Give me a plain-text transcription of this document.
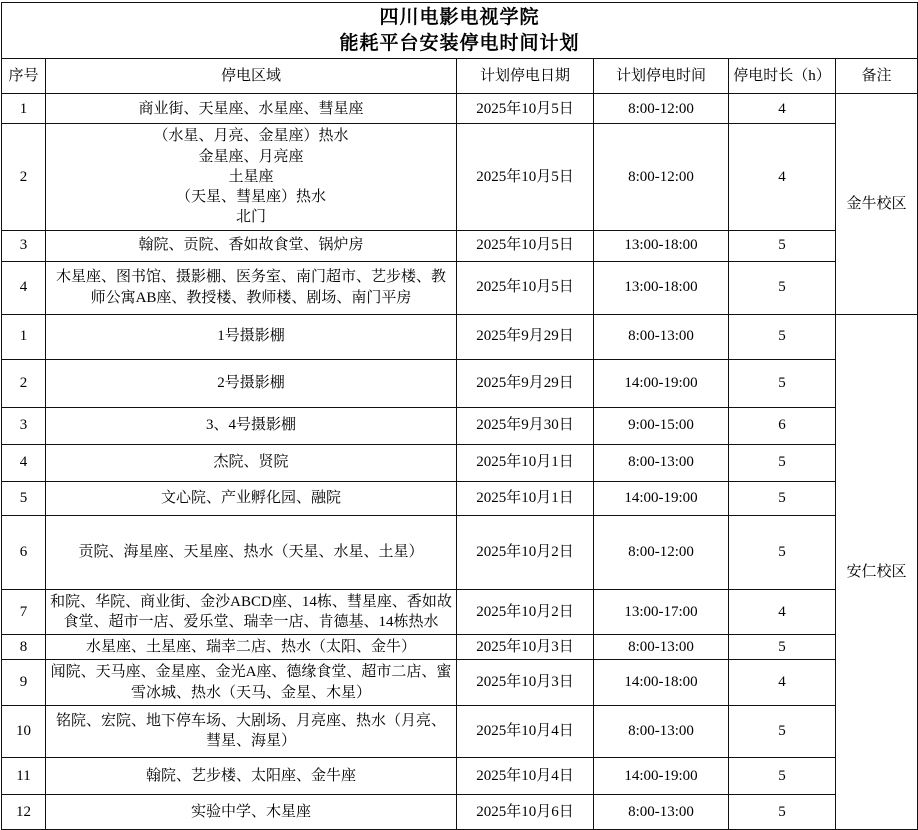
四川电影电视学院
能耗平台安装停电时间计划					

序号	停电区域	计划停电日期	计划停电时间	停电时长（h）	备注
1	商业街、天星座、水星座、彗星座	2025年10月5日	8:00-12:00	4	金牛校区
2	（水星、月亮、金星座）热水
金星座、月亮座
土星座
（天星、彗星座）热水
北门	2025年10月5日	8:00-12:00	4	
3	翰院、贡院、香如故食堂、锅炉房	2025年10月5日	13:00-18:00	5	
4	木星座、图书馆、摄影棚、医务室、南门超市、艺步楼、教师公寓AB座、教授楼、教师楼、剧场、南门平房	2025年10月5日	13:00-18:00	5	
1	1号摄影棚	2025年9月29日	8:00-13:00	5	安仁校区
2	2号摄影棚	2025年9月29日	14:00-19:00	5	
3	3、4号摄影棚	2025年9月30日	9:00-15:00	6	
4	杰院、贤院	2025年10月1日	8:00-13:00	5	
5	文心院、产业孵化园、融院	2025年10月1日	14:00-19:00	5	
6	贡院、海星座、天星座、热水（天星、水星、土星）	2025年10月2日	8:00-12:00	5	
7	和院、华院、商业街、金沙ABCD座、14栋、彗星座、香如故食堂、超市一店、爱乐堂、瑞幸一店、肯德基、14栋热水	2025年10月2日	13:00-17:00	4	
8	水星座、土星座、瑞幸二店、热水（太阳、金牛）	2025年10月3日	8:00-13:00	5	
9	闻院、天马座、金星座、金光A座、德缘食堂、超市二店、蜜雪冰城、热水（天马、金星、木星）	2025年10月3日	14:00-18:00	4	
10	铭院、宏院、地下停车场、大剧场、月亮座、热水（月亮、彗星、海星）	2025年10月4日	8:00-13:00	5	
11	翰院、艺步楼、太阳座、金牛座	2025年10月4日	14:00-19:00	5	
12	实验中学、木星座	2025年10月6日	8:00-13:00	5	
